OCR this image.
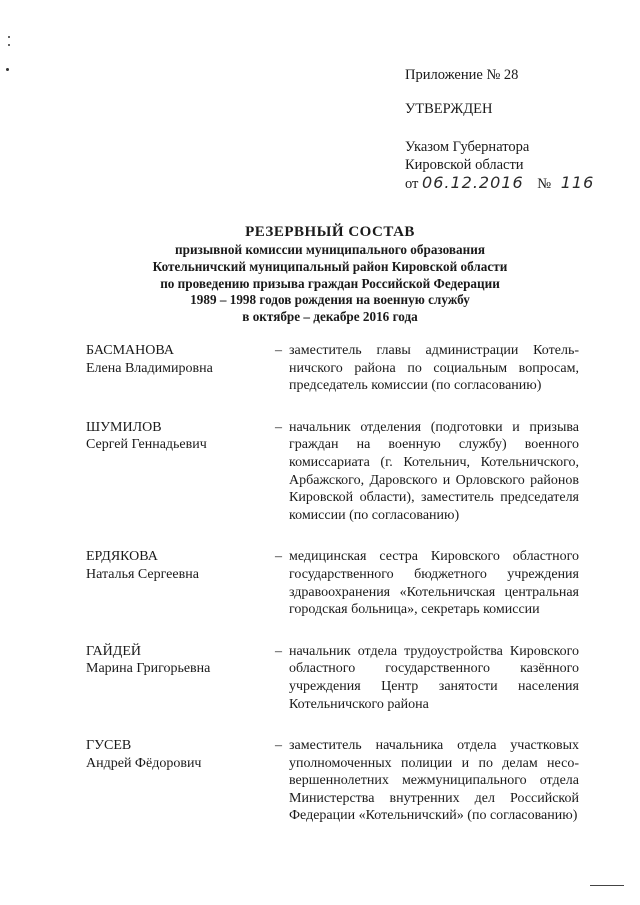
Приложение № 28
УТВЕРЖДЕН
Указом Губернатора
Кировской области
от 06.12.2016 № 116
РЕЗЕРВНЫЙ СОСТАВ
призывной комиссии муниципального образования
Котельничский муниципальный район Кировской области
по проведению призыва граждан Российской Федерации
1989 – 1998 годов рождения на военную службу
в октябре – декабре 2016 года
БАСМАНОВА
Елена Владимировна
– заместитель главы администрации Котельничского района по социальным вопросам, председатель комиссии (по согласованию)
ШУМИЛОВ
Сергей Геннадьевич
– начальник отделения (подготовки и призыва граждан на военную службу) военного комиссариата (г. Котельнич, Котельничского, Арбажского, Даровского и Орловского районов Кировской области), заместитель председателя комиссии (по согласованию)
ЕРДЯКОВА
Наталья Сергеевна
– медицинская сестра Кировского областного государственного бюджетного учреждения здравоохранения «Котельничская центральная городская больница», секретарь комиссии
ГАЙДЕЙ
Марина Григорьевна
– начальник отдела трудоустройства Кировского областного государственного казённого учреждения Центр занятости населения Котельничского района
ГУСЕВ
Андрей Фёдорович
– заместитель начальника отдела участковых уполномоченных полиции и по делам несовершеннолетних межмуниципального отдела Министерства внутренних дел Российской Федерации «Котельничский» (по согласованию)
